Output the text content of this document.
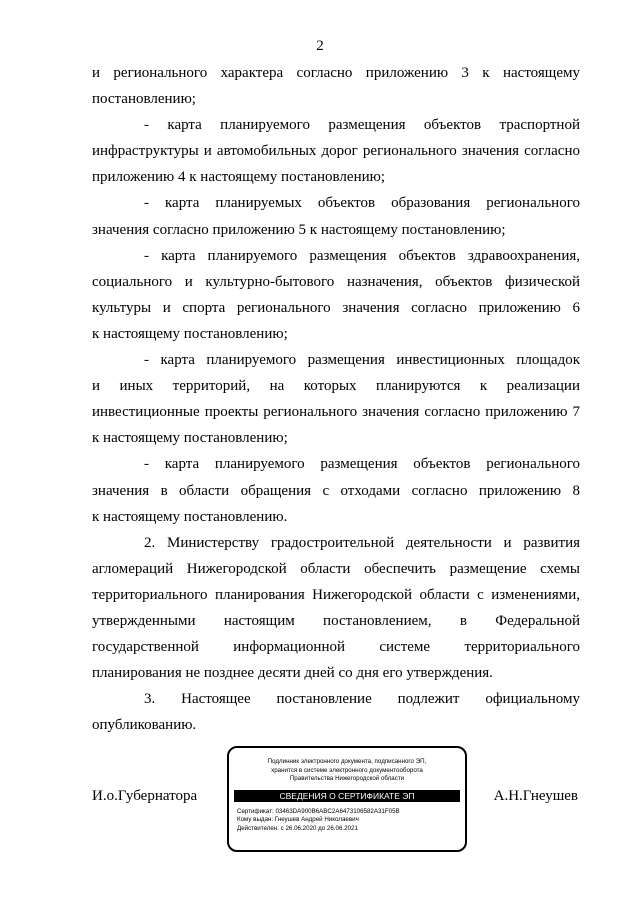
2
и регионального характера согласно приложению 3 к настоящему
постановлению;
- карта планируемого размещения объектов траспортной
инфраструктуры и автомобильных дорог регионального значения согласно
приложению 4 к настоящему постановлению;
- карта планируемых объектов образования регионального
значения согласно приложению 5 к настоящему постановлению;
- карта планируемого размещения объектов здравоохранения,
социального и культурно-бытового назначения, объектов физической
культуры и спорта регионального значения согласно приложению 6
к настоящему постановлению;
- карта планируемого размещения инвестиционных площадок
и иных территорий, на которых планируются к реализации
инвестиционные проекты регионального значения согласно приложению 7
к настоящему постановлению;
- карта планируемого размещения объектов регионального
значения в области обращения с отходами согласно приложению 8
к настоящему постановлению.
2. Министерству градостроительной деятельности и развития
агломераций Нижегородской области обеспечить размещение схемы
территориального планирования Нижегородской области с изменениями,
утвержденными настоящим постановлением, в Федеральной
государственной информационной системе территориального
планирования не позднее десяти дней со дня его утверждения.
3. Настоящее постановление подлежит официальному
опубликованию.
И.о.Губернатора	А.Н.Гнеушев
Подлинник электронного документа, подписанного ЭП,
хранится в системе электронного документооборота
Правительства Нижегородской области
СВЕДЕНИЯ О СЕРТИФИКАТЕ ЭП
Сертификат: 03463DA900B6ABC2A6473106582A31F05B
Кому выдан: Гнеушев Андрей Николаевич
Действителен: с 26.06.2020 до 26.06.2021
